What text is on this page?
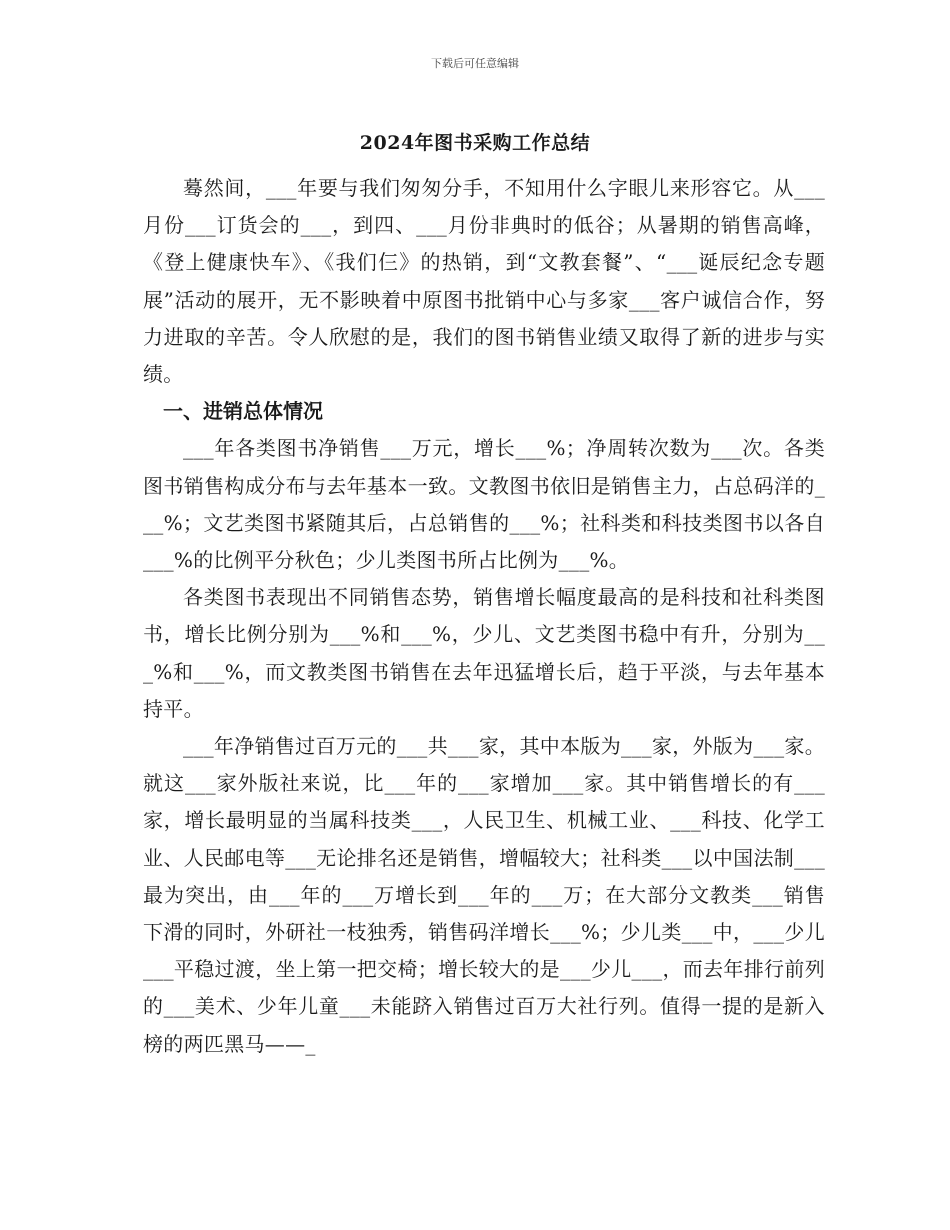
下载后可任意编辑
2024年图书采购工作总结

蓦然间，___年要与我们匆匆分手，不知用什么字眼儿来形容它。从___月份___订货会的___，到四、___月份非典时的低谷；从暑期的销售高峰，《登上健康快车》、《我们仨》的热销，到“文教套餐”、“___诞辰纪念专题展”活动的展开，无不影映着中原图书批销中心与多家___客户诚信合作，努力进取的辛苦。令人欣慰的是，我们的图书销售业绩又取得了新的进步与实绩。

一、进销总体情况

___年各类图书净销售___万元，增长___%；净周转次数为___次。各类图书销售构成分布与去年基本一致。文教图书依旧是销售主力，占总码洋的___%；文艺类图书紧随其后，占总销售的___%；社科类和科技类图书以各自___%的比例平分秋色；少儿类图书所占比例为___%。

各类图书表现出不同销售态势，销售增长幅度最高的是科技和社科类图书，增长比例分别为___%和___%，少儿、文艺类图书稳中有升，分别为___%和___%，而文教类图书销售在去年迅猛增长后，趋于平淡，与去年基本持平。

___年净销售过百万元的___共___家，其中本版为___家，外版为___家。就这___家外版社来说，比___年的___家增加___家。其中销售增长的有___家，增长最明显的当属科技类___，人民卫生、机械工业、___科技、化学工业、人民邮电等___无论排名还是销售，增幅较大；社科类___以中国法制___最为突出，由___年的___万增长到___年的___万；在大部分文教类___销售下滑的同时，外研社一枝独秀，销售码洋增长___%；少儿类___中，___少儿___平稳过渡，坐上第一把交椅；增长较大的是___少儿___，而去年排行前列的___美术、少年儿童___未能跻入销售过百万大社行列。值得一提的是新入榜的两匹黑马——_
